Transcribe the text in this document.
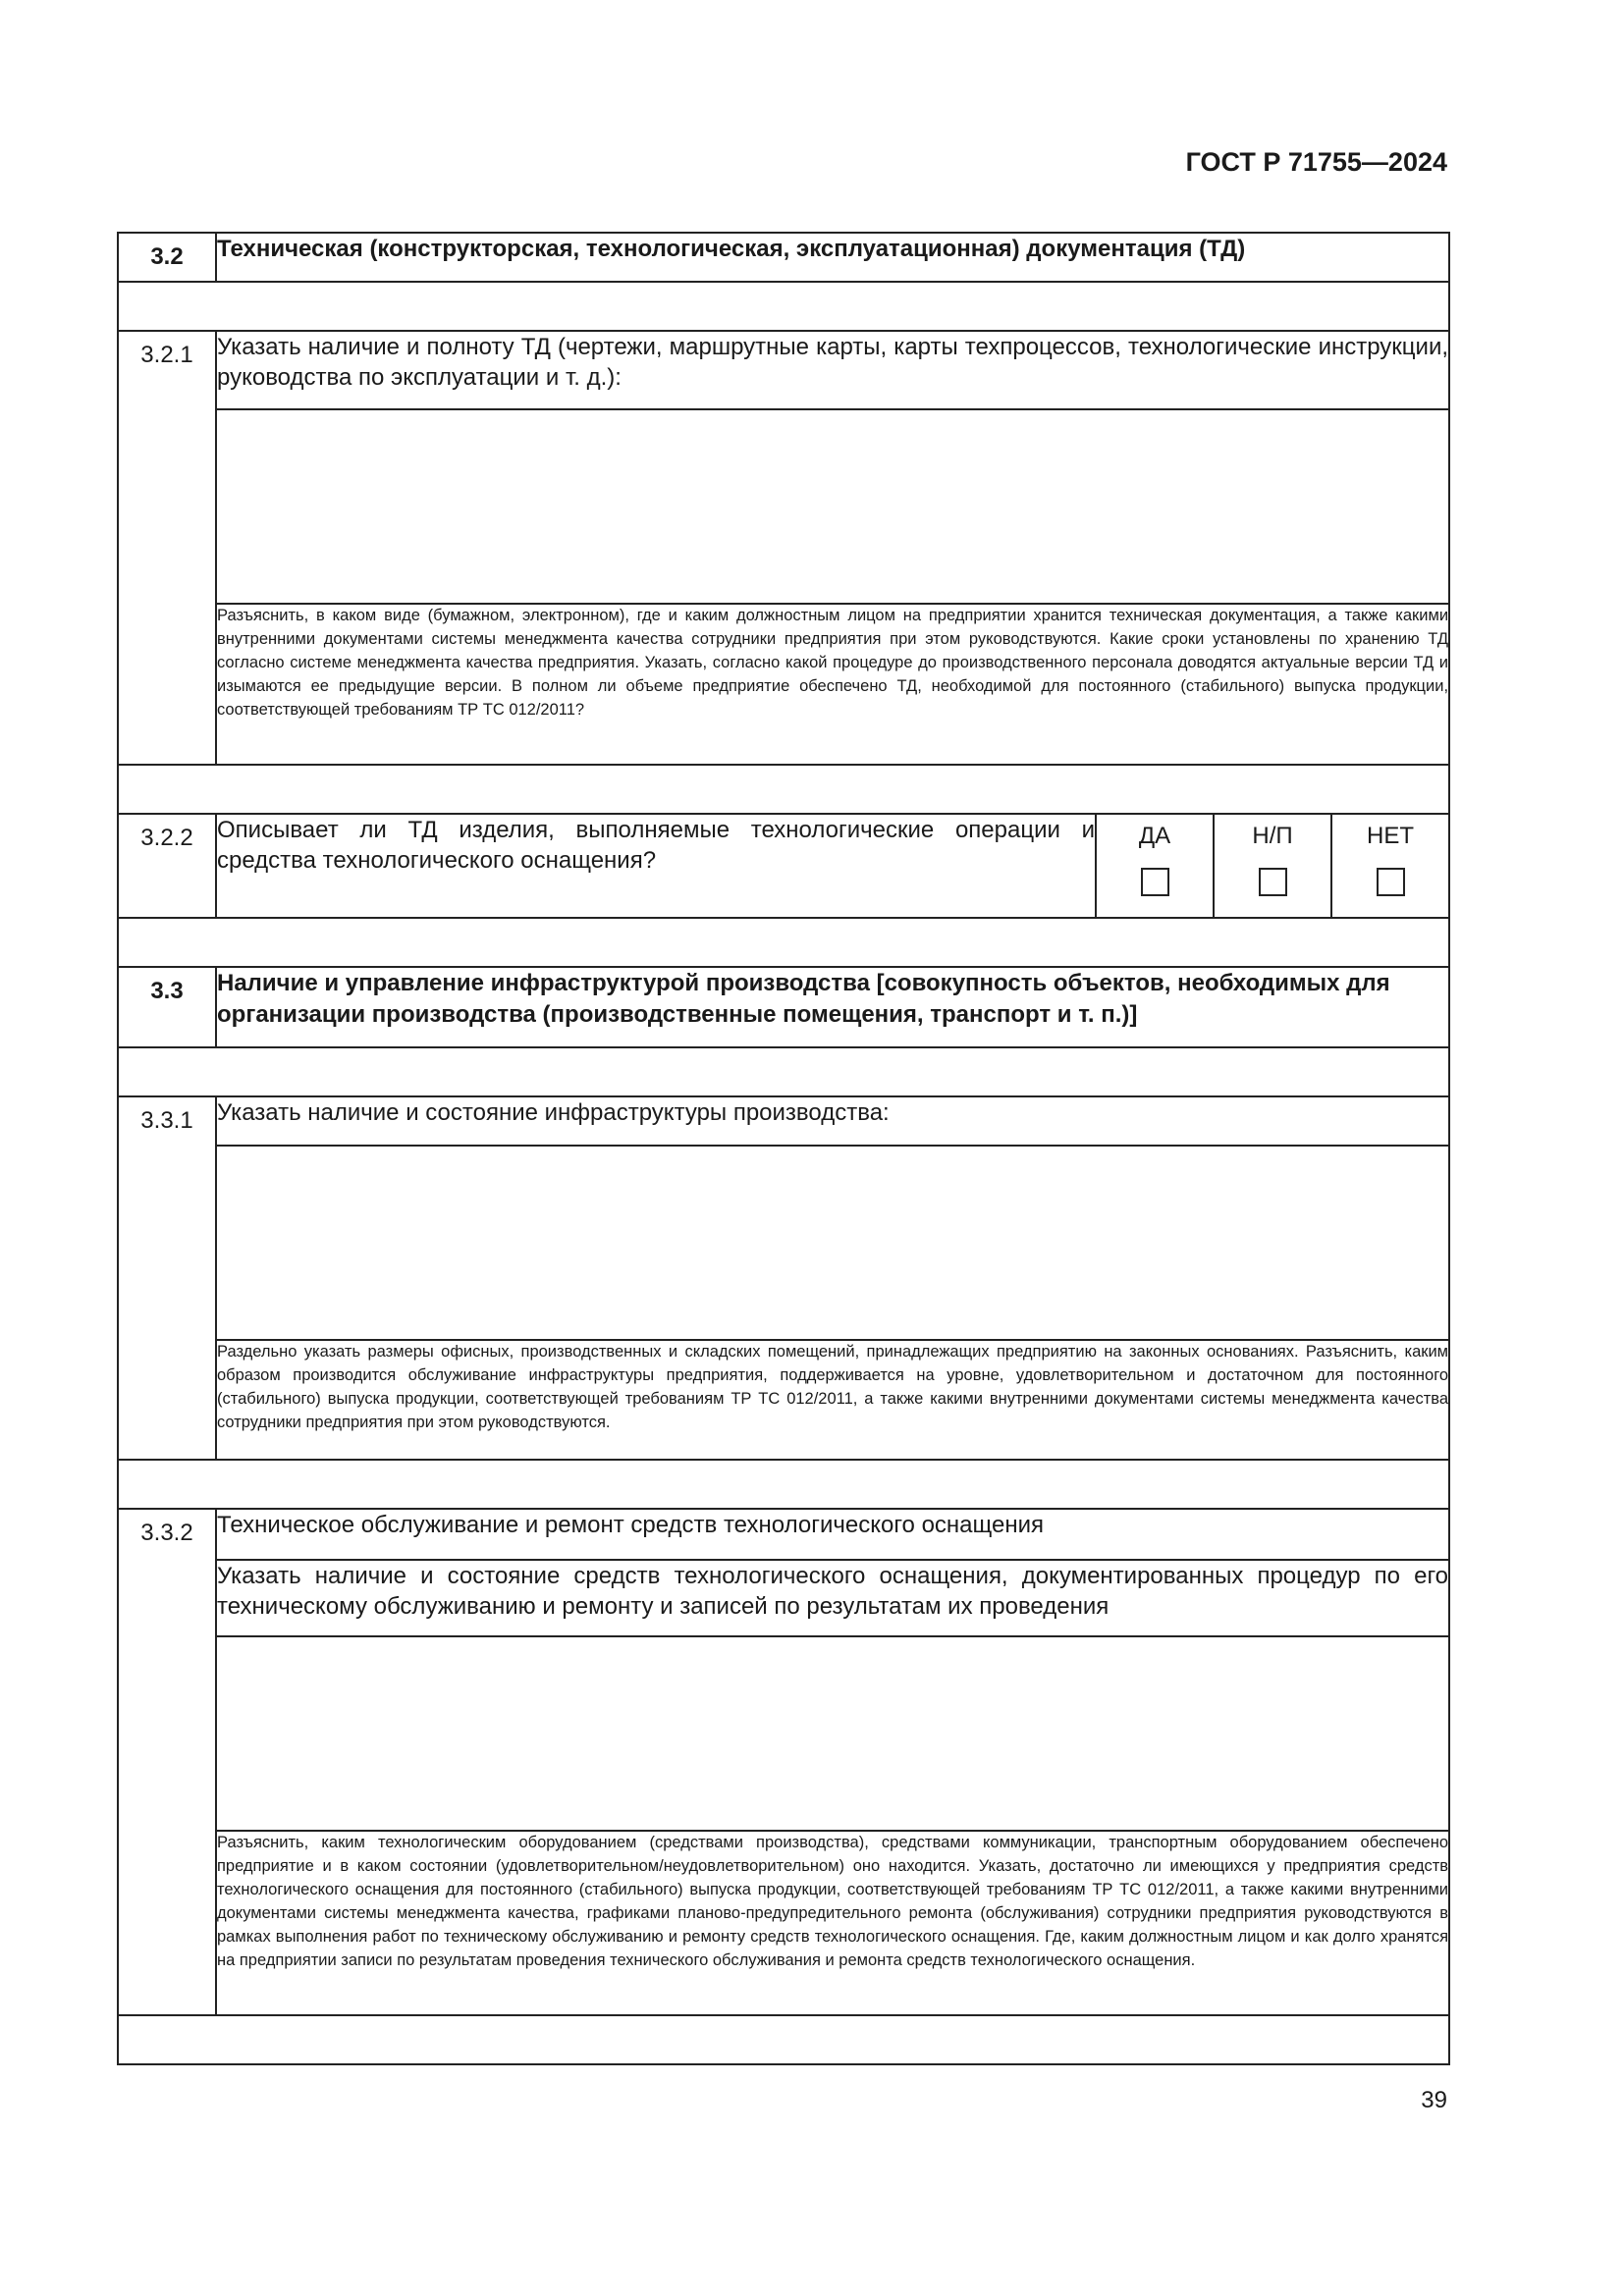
ГОСТ Р 71755—2024
3.2	Техническая (конструкторская, технологическая, эксплуатационная) документация (ТД)			

3.2.1	Указать наличие и полноту ТД (чертежи, маршрутные карты, карты техпроцессов, технологические инструкции, руководства по эксплуатации и т. д.):			

	Разъяснить, в каком виде (бумажном, электронном), где и каким должностным лицом на предприятии хранится техническая документация, а также какими внутренними документами системы менеджмента качества сотрудники предприятия при этом руководствуются. Какие сроки установлены по хранению ТД согласно системе менеджмента качества предприятия. Указать, согласно какой процедуре до производственного персонала доводятся актуальные версии ТД и изымаются ее предыдущие версии. В полном ли объеме предприятие обеспечено ТД, необходимой для постоянного (стабильного) выпуска продукции, соответствующей требованиям ТР ТС 012/2011?			

3.2.2	Описывает ли ТД изделия, выполняемые технологические операции и средства технологического оснащения?	ДА	Н/П	НЕТ

3.3	Наличие и управление инфраструктурой производства [совокупность объектов, необходимых для организации производства (производственные помещения, транспорт и т. п.)]			

3.3.1	Указать наличие и состояние инфраструктуры производства:			

	Раздельно указать размеры офисных, производственных и складских помещений, принадлежащих предприятию на законных основаниях. Разъяснить, каким образом производится обслуживание инфраструктуры предприятия, поддерживается на уровне, удовлетворительном и достаточном для постоянного (стабильного) выпуска продукции, соответствующей требованиям ТР ТС 012/2011, а также какими внутренними документами системы менеджмента качества сотрудники предприятия при этом руководствуются.			

3.3.2	Техническое обслуживание и ремонт средств технологического оснащения			
	Указать наличие и состояние средств технологического оснащения, документированных процедур по его техническому обслуживанию и ремонту и записей по результатам их проведения			

	Разъяснить, каким технологическим оборудованием (средствами производства), средствами коммуникации, транспортным оборудованием обеспечено предприятие и в каком состоянии (удовлетворительном/неудовлетворительном) оно находится. Указать, достаточно ли имеющихся у предприятия средств технологического оснащения для постоянного (стабильного) выпуска продукции, соответствующей требованиям ТР ТС 012/2011, а также какими внутренними документами системы менеджмента качества, графиками планово-предупредительного ремонта (обслуживания) сотрудники предприятия руководствуются в рамках выполнения работ по техническому обслуживанию и ремонту средств технологического оснащения. Где, каким должностным лицом и как долго хранятся на предприятии записи по результатам проведения технического обслуживания и ремонта средств технологического оснащения.			

39
